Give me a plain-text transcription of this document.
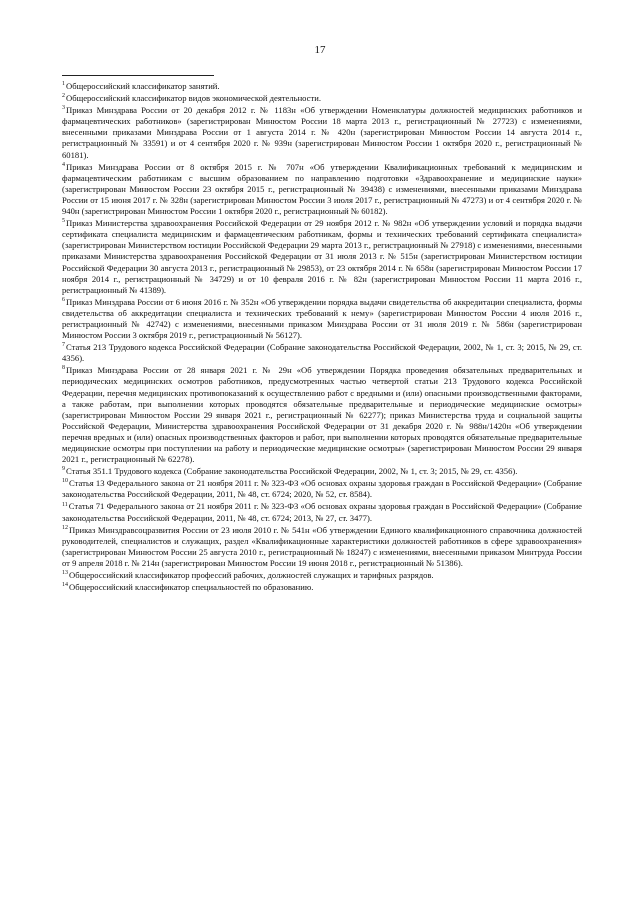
17

$^1$Общероссийский классификатор занятий.

$^2$Общероссийский классификатор видов экономической деятельности.

$^3$Приказ Минздрава России от 20 декабря 2012 г. № 1183н «Об утверждении Номенклатуры должностей медицинских работников и фармацевтических работников» (зарегистрирован Минюстом России 18 марта 2013 г., регистрационный № 27723) с изменениями, внесенными приказами Минздрава России от 1 августа 2014 г. № 420н (зарегистрирован Минюстом России 14 августа 2014 г., регистрационный № 33591) и от 4 сентября 2020 г. № 939н (зарегистрирован Минюстом России 1 октября 2020 г., регистрационный № 60181).

$^4$Приказ Минздрава России от 8 октября 2015 г. № 707н «Об утверждении Квалификационных требований к медицинским и фармацевтическим работникам с высшим образованием по направлению подготовки «Здравоохранение и медицинские науки» (зарегистрирован Минюстом России 23 октября 2015 г., регистрационный № 39438) с изменениями, внесенными приказами Минздрава России от 15 июня 2017 г. № 328н (зарегистрирован Минюстом России 3 июля 2017 г., регистрационный № 47273) и от 4 сентября 2020 г. № 940н (зарегистрирован Минюстом России 1 октября 2020 г., регистрационный № 60182).

$^5$Приказ Министерства здравоохранения Российской Федерации от 29 ноября 2012 г. № 982н «Об утверждении условий и порядка выдачи сертификата специалиста медицинским и фармацевтическим работникам, формы и технических требований сертификата специалиста» (зарегистрирован Министерством юстиции Российской Федерации 29 марта 2013 г., регистрационный № 27918) с изменениями, внесенными приказами Министерства здравоохранения Российской Федерации от 31 июля 2013 г. № 515н (зарегистрирован Министерством юстиции Российской Федерации 30 августа 2013 г., регистрационный № 29853), от 23 октября 2014 г. № 658н (зарегистрирован Минюстом России 17 ноября 2014 г., регистрационный № 34729) и от 10 февраля 2016 г. № 82н (зарегистрирован Минюстом России 11 марта 2016 г., регистрационный № 41389).

$^6$Приказ Минздрава России от 6 июня 2016 г. № 352н «Об утверждении порядка выдачи свидетельства об аккредитации специалиста, формы свидетельства об аккредитации специалиста и технических требований к нему» (зарегистрирован Минюстом России 4 июля 2016 г., регистрационный № 42742) с изменениями, внесенными приказом Минздрава России от 31 июля 2019 г. № 586н (зарегистрирован Минюстом России 3 октября 2019 г., регистрационный № 56127).

$^7$Статья 213 Трудового кодекса Российской Федерации (Собрание законодательства Российской Федерации, 2002, № 1, ст. 3; 2015, № 29, ст. 4356).

$^8$Приказ Минздрава России от 28 января 2021 г. № 29н «Об утверждении Порядка проведения обязательных предварительных и периодических медицинских осмотров работников, предусмотренных частью четвертой статьи 213 Трудового кодекса Российской Федерации, перечня медицинских противопоказаний к осуществлению работ с вредными и (или) опасными производственными факторами, а также работам, при выполнении которых проводятся обязательные предварительные и периодические медицинские осмотры» (зарегистрирован Минюстом России 29 января 2021 г., регистрационный № 62277); приказ Министерства труда и социальной защиты Российской Федерации, Министерства здравоохранения Российской Федерации от 31 декабря 2020 г. № 988н/1420н «Об утверждении перечня вредных и (или) опасных производственных факторов и работ, при выполнении которых проводятся обязательные предварительные медицинские осмотры при поступлении на работу и периодические медицинские осмотры» (зарегистрирован Минюстом России 29 января 2021 г., регистрационный № 62278).

$^9$Статья 351.1 Трудового кодекса (Собрание законодательства Российской Федерации, 2002, № 1, ст. 3; 2015, № 29, ст. 4356).

$^{10}$Статья 13 Федерального закона от 21 ноября 2011 г. № 323-ФЗ «Об основах охраны здоровья граждан в Российской Федерации» (Собрание законодательства Российской Федерации, 2011, № 48, ст. 6724; 2020, № 52, ст. 8584).

$^{11}$Статья 71 Федерального закона от 21 ноября 2011 г. № 323-ФЗ «Об основах охраны здоровья граждан в Российской Федерации» (Собрание законодательства Российской Федерации, 2011, № 48, ст. 6724; 2013, № 27, ст. 3477).

$^{12}$Приказ Минздравсоцразвития России от 23 июля 2010 г. № 541н «Об утверждении Единого квалификационного справочника должностей руководителей, специалистов и служащих, раздел «Квалификационные характеристики должностей работников в сфере здравоохранения» (зарегистрирован Минюстом России 25 августа 2010 г., регистрационный № 18247) с изменениями, внесенными приказом Минтруда России от 9 апреля 2018 г. № 214н (зарегистрирован Минюстом России 19 июня 2018 г., регистрационный № 51386).

$^{13}$Общероссийский классификатор профессий рабочих, должностей служащих и тарифных разрядов.

$^{14}$Общероссийский классификатор специальностей по образованию.
